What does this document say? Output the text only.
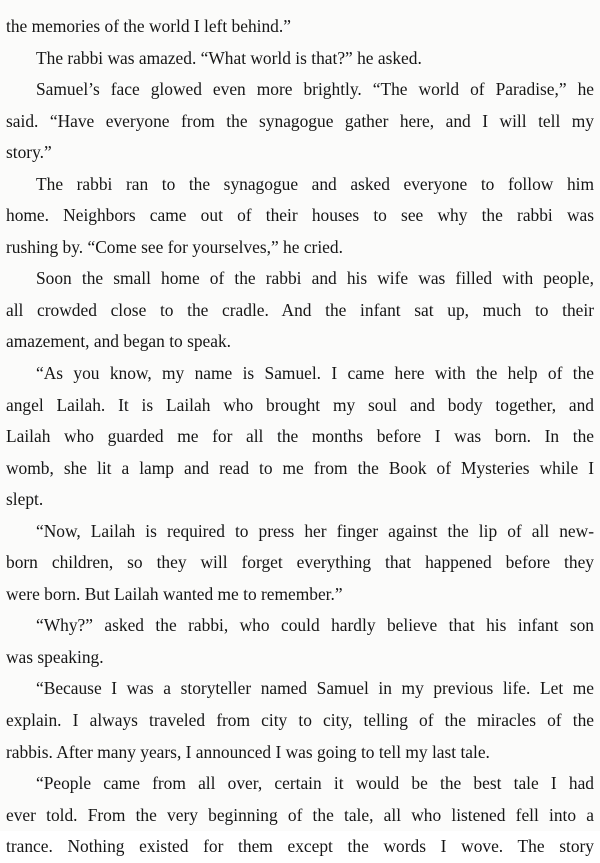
the memories of the world I left behind.”
The rabbi was amazed. “What world is that?” he asked.
Samuel’s face glowed even more brightly. “The world of Paradise,” he
said. “Have everyone from the synagogue gather here, and I will tell my
story.”
The rabbi ran to the synagogue and asked everyone to follow him
home. Neighbors came out of their houses to see why the rabbi was
rushing by. “Come see for yourselves,” he cried.
Soon the small home of the rabbi and his wife was filled with people,
all crowded close to the cradle. And the infant sat up, much to their
amazement, and began to speak.
“As you know, my name is Samuel. I came here with the help of the
angel Lailah. It is Lailah who brought my soul and body together, and
Lailah who guarded me for all the months before I was born. In the
womb, she lit a lamp and read to me from the Book of Mysteries while I
slept.
“Now, Lailah is required to press her finger against the lip of all new-
born children, so they will forget everything that happened before they
were born. But Lailah wanted me to remember.”
“Why?” asked the rabbi, who could hardly believe that his infant son
was speaking.
“Because I was a storyteller named Samuel in my previous life. Let me
explain. I always traveled from city to city, telling of the miracles of the
rabbis. After many years, I announced I was going to tell my last tale.
“People came from all over, certain it would be the best tale I had
ever told. From the very beginning of the tale, all who listened fell into a
trance. Nothing existed for them except the words I wove. The story
